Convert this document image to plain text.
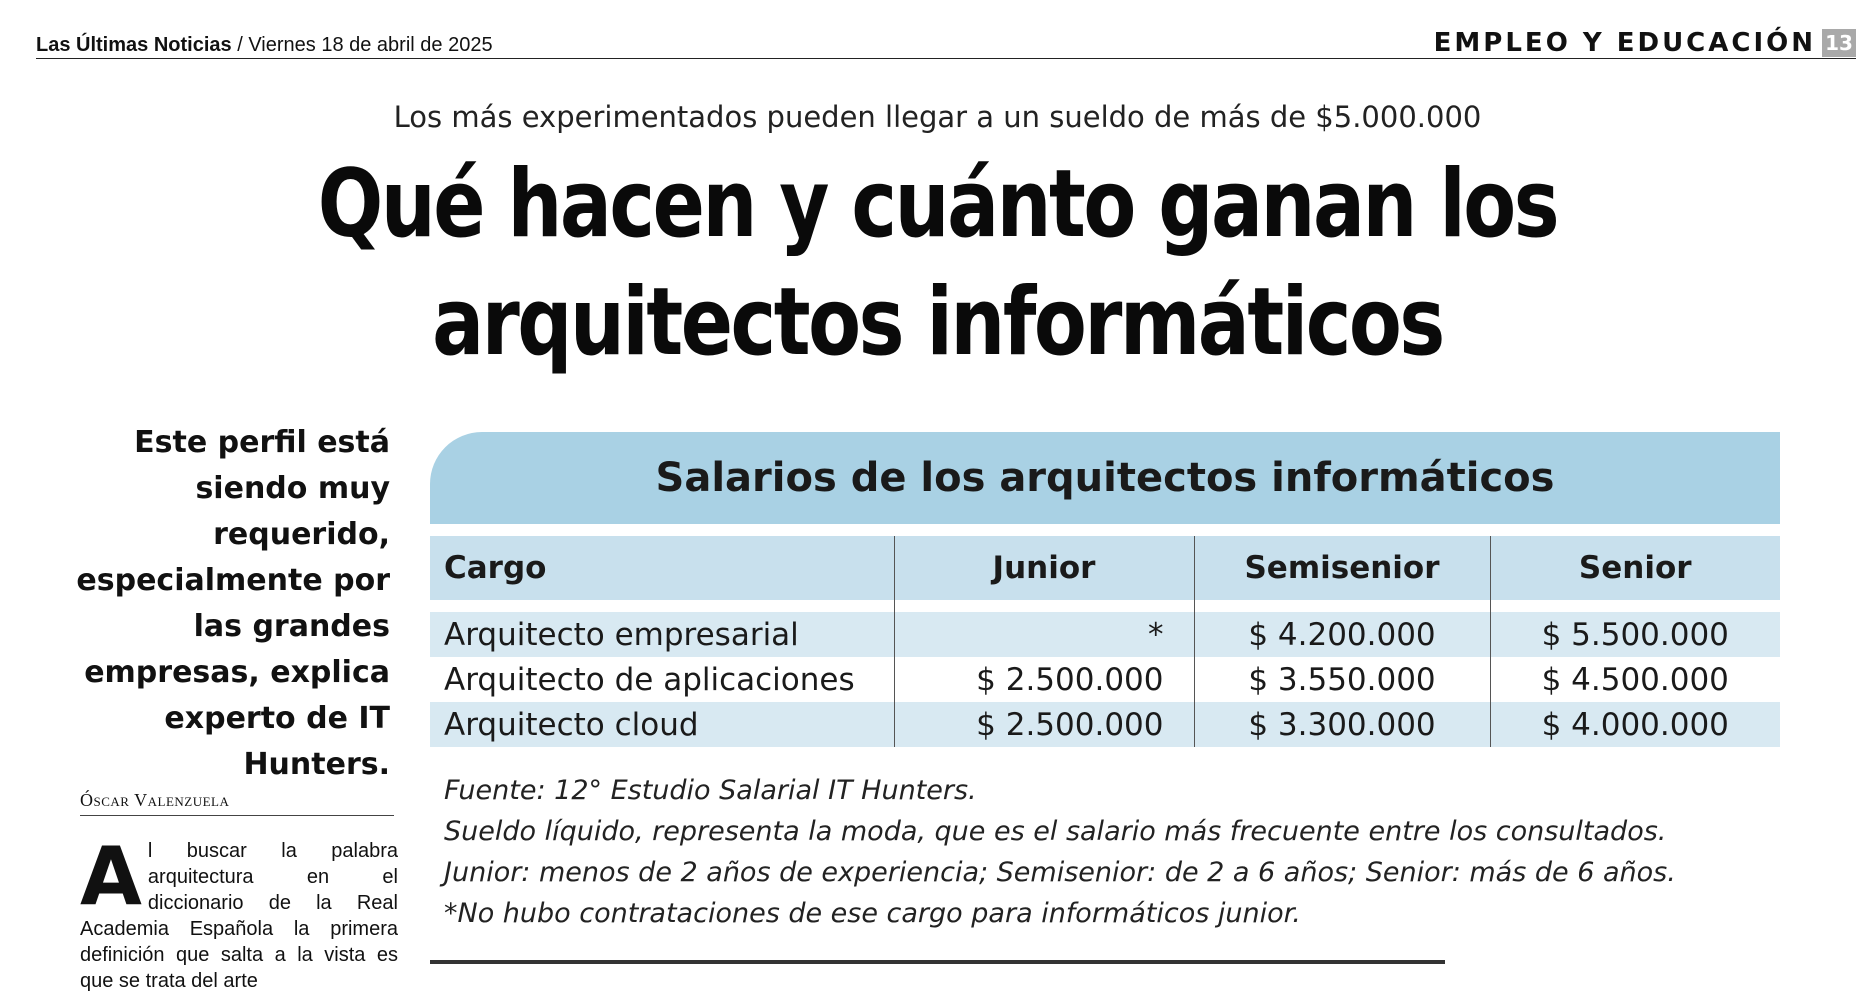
Las Últimas Noticias / Viernes 18 de abril de 2025	EMPLEO Y EDUCACIÓN 13
Los más experimentados pueden llegar a un sueldo de más de $5.000.000
Qué hacen y cuánto ganan los
arquitectos informáticos
Este perfil está siendo muy requerido, especialmente por las grandes empresas, explica experto de IT Hunters.
Óscar Valenzuela
Al buscar la palabra arquitectura en el diccionario de la Real Academia Española la primera definición que salta a la vista es que se trata del arte
Salarios de los arquitectos informáticos
Cargo	Junior	Semisenior	Senior

Arquitecto empresarial	*	$ 4.200.000	$ 5.500.000
Arquitecto de aplicaciones	$ 2.500.000	$ 3.550.000	$ 4.500.000
Arquitecto cloud	$ 2.500.000	$ 3.300.000	$ 4.000.000
Fuente: 12° Estudio Salarial IT Hunters.
Sueldo líquido, representa la moda, que es el salario más frecuente entre los consultados.
Junior: menos de 2 años de experiencia; Semisenior: de 2 a 6 años; Senior: más de 6 años.
*No hubo contrataciones de ese cargo para informáticos junior.
